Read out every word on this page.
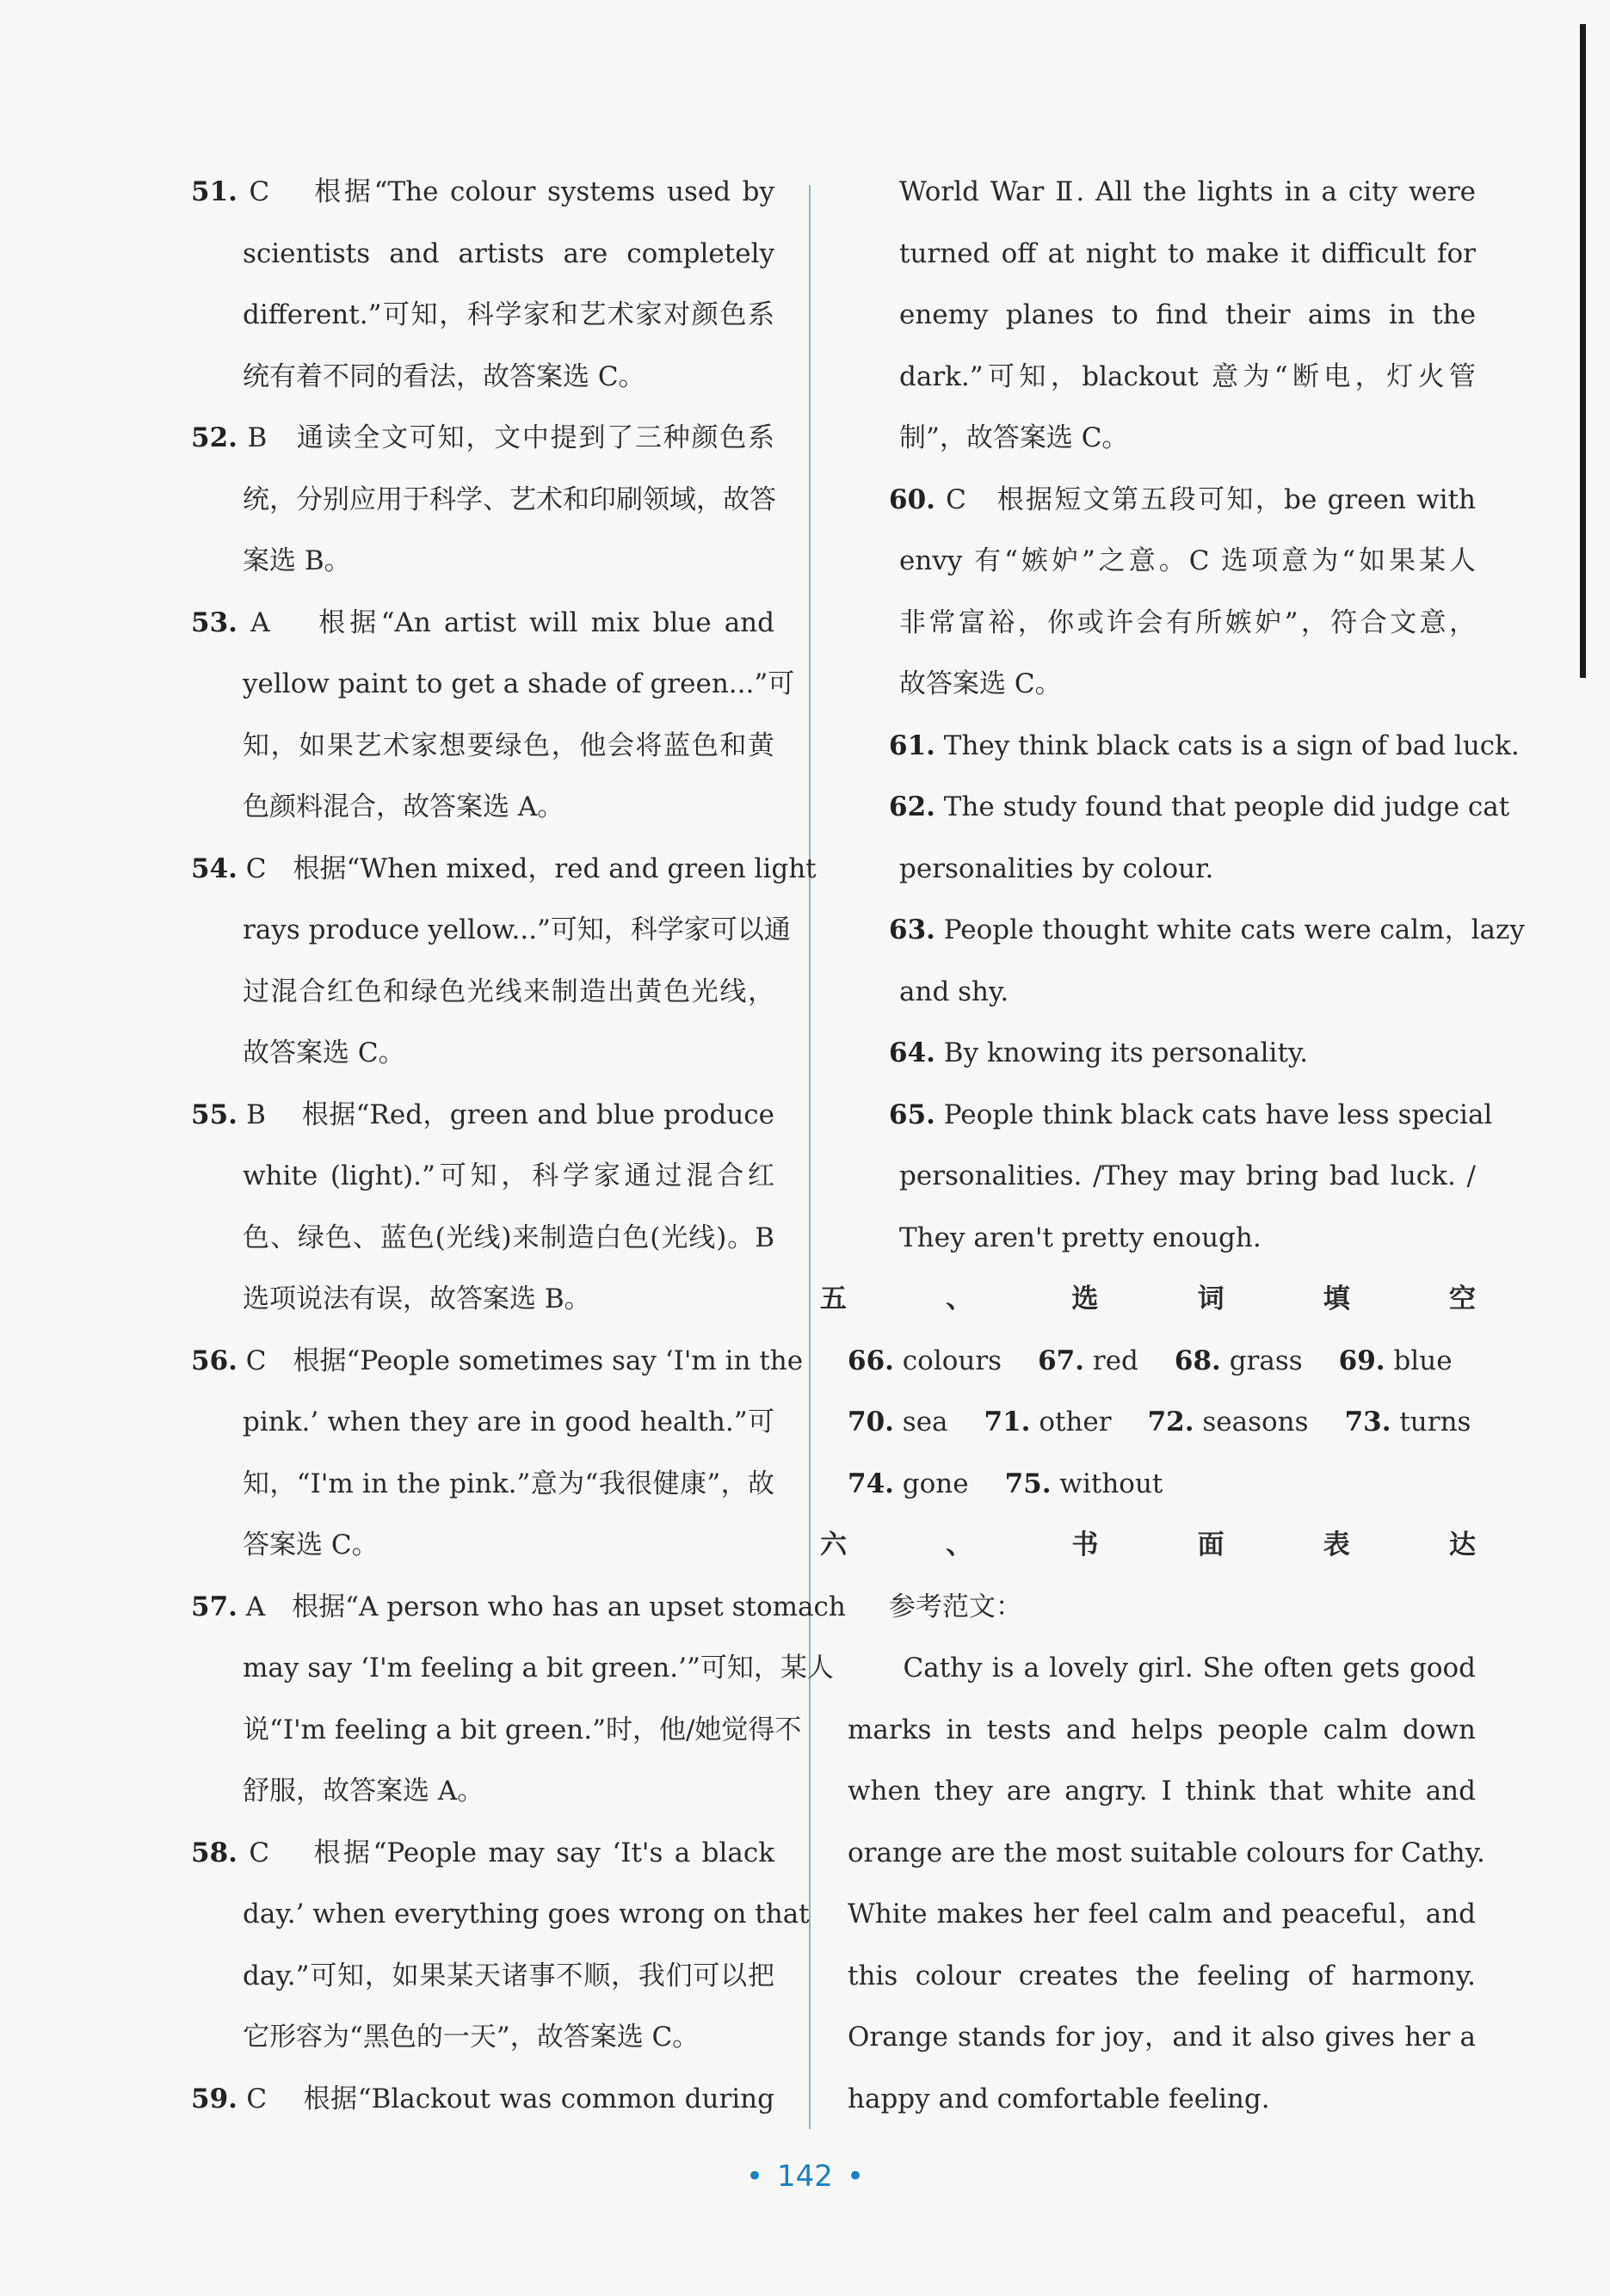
51. C　 根据“The colour systems used by
scientists and artists are completely
different.”可知，科学家和艺术家对颜色系
统有着不同的看法，故答案选 C。
52. B　通读全文可知，文中提到了三种颜色系
统，分别应用于科学、艺术和印刷领域，故答
案选 B。
53. A　 根据“An artist will mix blue and
yellow paint to get a shade of green...”可
知，如果艺术家想要绿色，他会将蓝色和黄
色颜料混合，故答案选 A。
54. C　根据“When mixed，red and green light
rays produce yellow...”可知，科学家可以通
过混合红色和绿色光线来制造出黄色光线，
故答案选 C。
55. B　 根据“Red，green and blue produce
white (light).”可知，科学家通过混合红
色、绿色、蓝色(光线)来制造白色(光线)。B
选项说法有误，故答案选 B。
56. C　根据“People sometimes say ‘I'm in the
pink.’ when they are in good health.”可
知，“I'm in the pink.”意为“我很健康”，故
答案选 C。
57. A　根据“A person who has an upset stomach
may say ‘I'm feeling a bit green.’”可知，某人
说“I'm feeling a bit green.”时，他/她觉得不
舒服，故答案选 A。
58. C　 根据“People may say ‘It's a black
day.’ when everything goes wrong on that
day.”可知，如果某天诸事不顺，我们可以把
它形容为“黑色的一天”，故答案选 C。
59. C　 根据“Blackout was common during
World War Ⅱ. All the lights in a city were
turned off at night to make it difficult for
enemy planes to find their aims in the
dark.”可知，blackout 意为“断电，灯火管
制”，故答案选 C。
60. C　根据短文第五段可知，be green with
envy 有“嫉妒”之意。C 选项意为“如果某人
非常富裕，你或许会有所嫉妒”，符合文意，
故答案选 C。
61. They think black cats is a sign of bad luck.
62. The study found that people did judge cat
personalities by colour.
63. People thought white cats were calm，lazy
and shy.
64. By knowing its personality.
65. People think black cats have less special
personalities. /They may bring bad luck. /
They aren't pretty enough.
五、选词填空
66. colours 67. red 68. grass 69. blue
70. sea 71. other 72. seasons 73. turns
74. gone 75. without
六、书面表达
参考范文：
　　Cathy is a lovely girl. She often gets good
marks in tests and helps people calm down
when they are angry. I think that white and
orange are the most suitable colours for Cathy.
White makes her feel calm and peaceful，and
this colour creates the feeling of harmony.
Orange stands for joy，and it also gives her a
happy and comfortable feeling.
• 142 •
